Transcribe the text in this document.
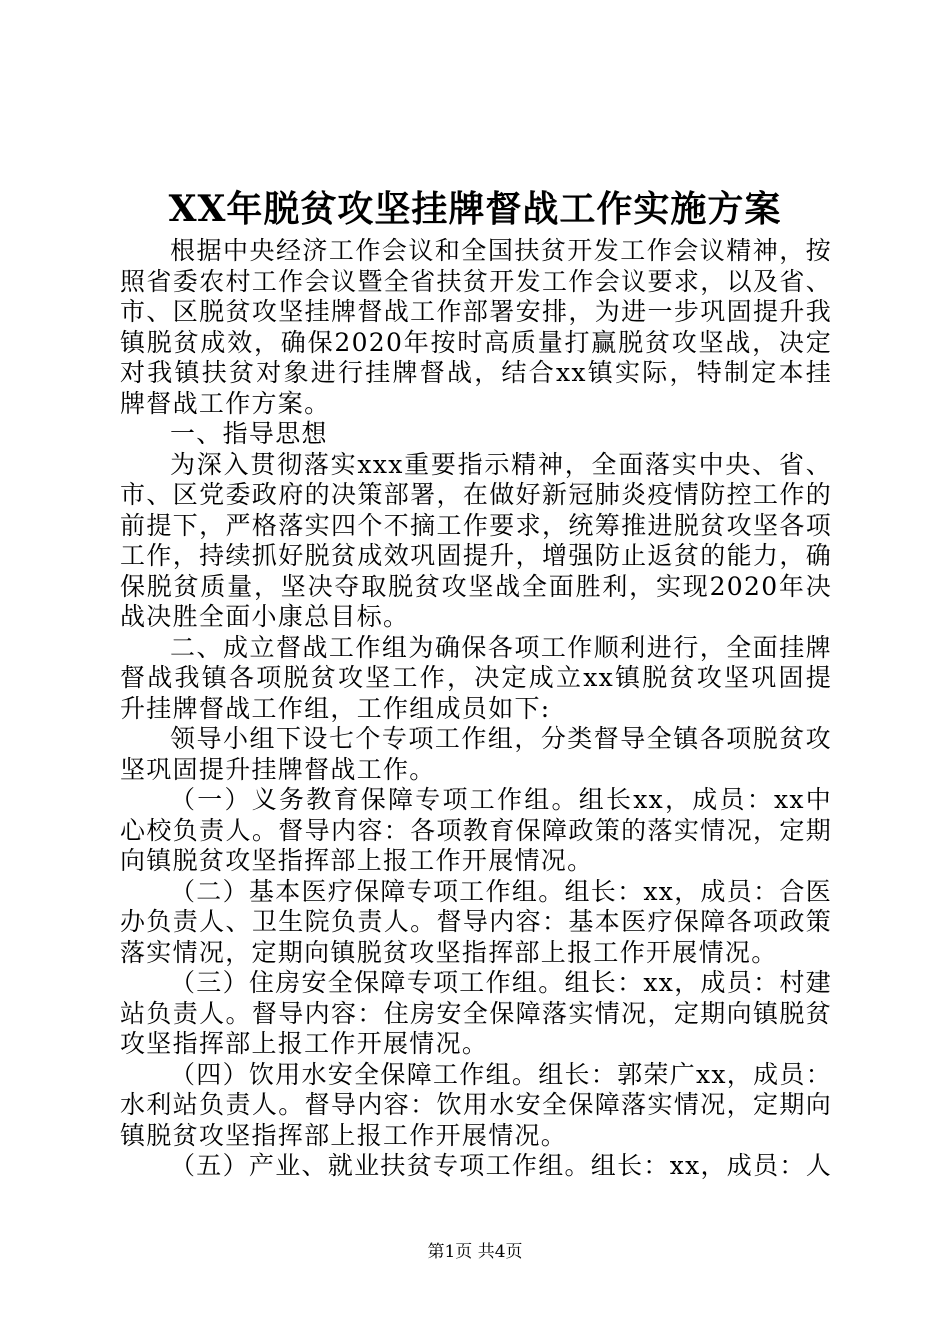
XX年脱贫攻坚挂牌督战工作实施方案

根据中央经济工作会议和全国扶贫开发工作会议精神，按照省委农村工作会议暨全省扶贫开发工作会议要求，以及省、市、区脱贫攻坚挂牌督战工作部署安排，为进一步巩固提升我镇脱贫成效，确保2020年按时高质量打赢脱贫攻坚战，决定对我镇扶贫对象进行挂牌督战，结合xx镇实际，特制定本挂牌督战工作方案。

一、指导思想

为深入贯彻落实xxx重要指示精神，全面落实中央、省、市、区党委政府的决策部署，在做好新冠肺炎疫情防控工作的前提下，严格落实四个不摘工作要求，统筹推进脱贫攻坚各项工作，持续抓好脱贫成效巩固提升，增强防止返贫的能力，确保脱贫质量，坚决夺取脱贫攻坚战全面胜利，实现2020年决战决胜全面小康总目标。

二、成立督战工作组为确保各项工作顺利进行，全面挂牌督战我镇各项脱贫攻坚工作，决定成立xx镇脱贫攻坚巩固提升挂牌督战工作组，工作组成员如下:

领导小组下设七个专项工作组，分类督导全镇各项脱贫攻坚巩固提升挂牌督战工作。

（一）义务教育保障专项工作组。组长xx，成员：xx中心校负责人。督导内容：各项教育保障政策的落实情况，定期向镇脱贫攻坚指挥部上报工作开展情况。

（二）基本医疗保障专项工作组。组长：xx，成员：合医办负责人、卫生院负责人。督导内容：基本医疗保障各项政策落实情况，定期向镇脱贫攻坚指挥部上报工作开展情况。

（三）住房安全保障专项工作组。组长：xx，成员：村建站负责人。督导内容：住房安全保障落实情况，定期向镇脱贫攻坚指挥部上报工作开展情况。

（四）饮用水安全保障工作组。组长：郭荣广xx，成员：水利站负责人。督导内容：饮用水安全保障落实情况，定期向镇脱贫攻坚指挥部上报工作开展情况。

（五）产业、就业扶贫专项工作组。组长：xx，成员：人

第1页 共4页
